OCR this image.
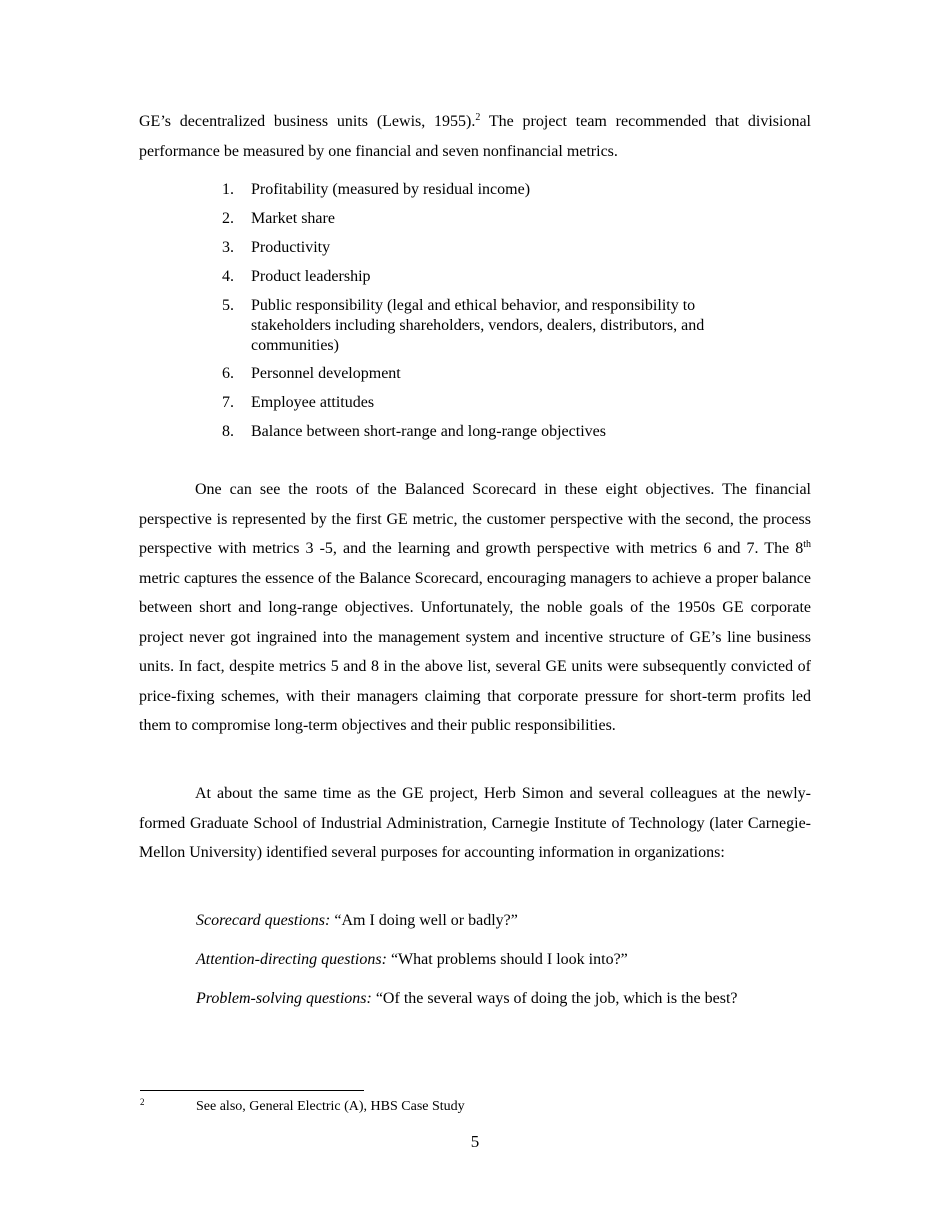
GE’s decentralized business units (Lewis, 1955).$^2$ The project team recommended that divisional performance be measured by one financial and seven nonfinancial metrics.

1. Profitability (measured by residual income)
2. Market share
3. Productivity
4. Product leadership
5. Public responsibility (legal and ethical behavior, and responsibility to stakeholders including shareholders, vendors, dealers, distributors, and communities)
6. Personnel development
7. Employee attitudes
8. Balance between short-range and long-range objectives

One can see the roots of the Balanced Scorecard in these eight objectives. The financial perspective is represented by the first GE metric, the customer perspective with the second, the process perspective with metrics 3 -5, and the learning and growth perspective with metrics 6 and 7. The 8th metric captures the essence of the Balance Scorecard, encouraging managers to achieve a proper balance between short and long-range objectives. Unfortunately, the noble goals of the 1950s GE corporate project never got ingrained into the management system and incentive structure of GE’s line business units. In fact, despite metrics 5 and 8 in the above list, several GE units were subsequently convicted of price-fixing schemes, with their managers claiming that corporate pressure for short-term profits led them to compromise long-term objectives and their public responsibilities.

At about the same time as the GE project, Herb Simon and several colleagues at the newly-formed Graduate School of Industrial Administration, Carnegie Institute of Technology (later Carnegie-Mellon University) identified several purposes for accounting information in organizations:

Scorecard questions: “Am I doing well or badly?”
Attention-directing questions: “What problems should I look into?”
Problem-solving questions: “Of the several ways of doing the job, which is the best?
2	See also, General Electric (A), HBS Case Study
5
